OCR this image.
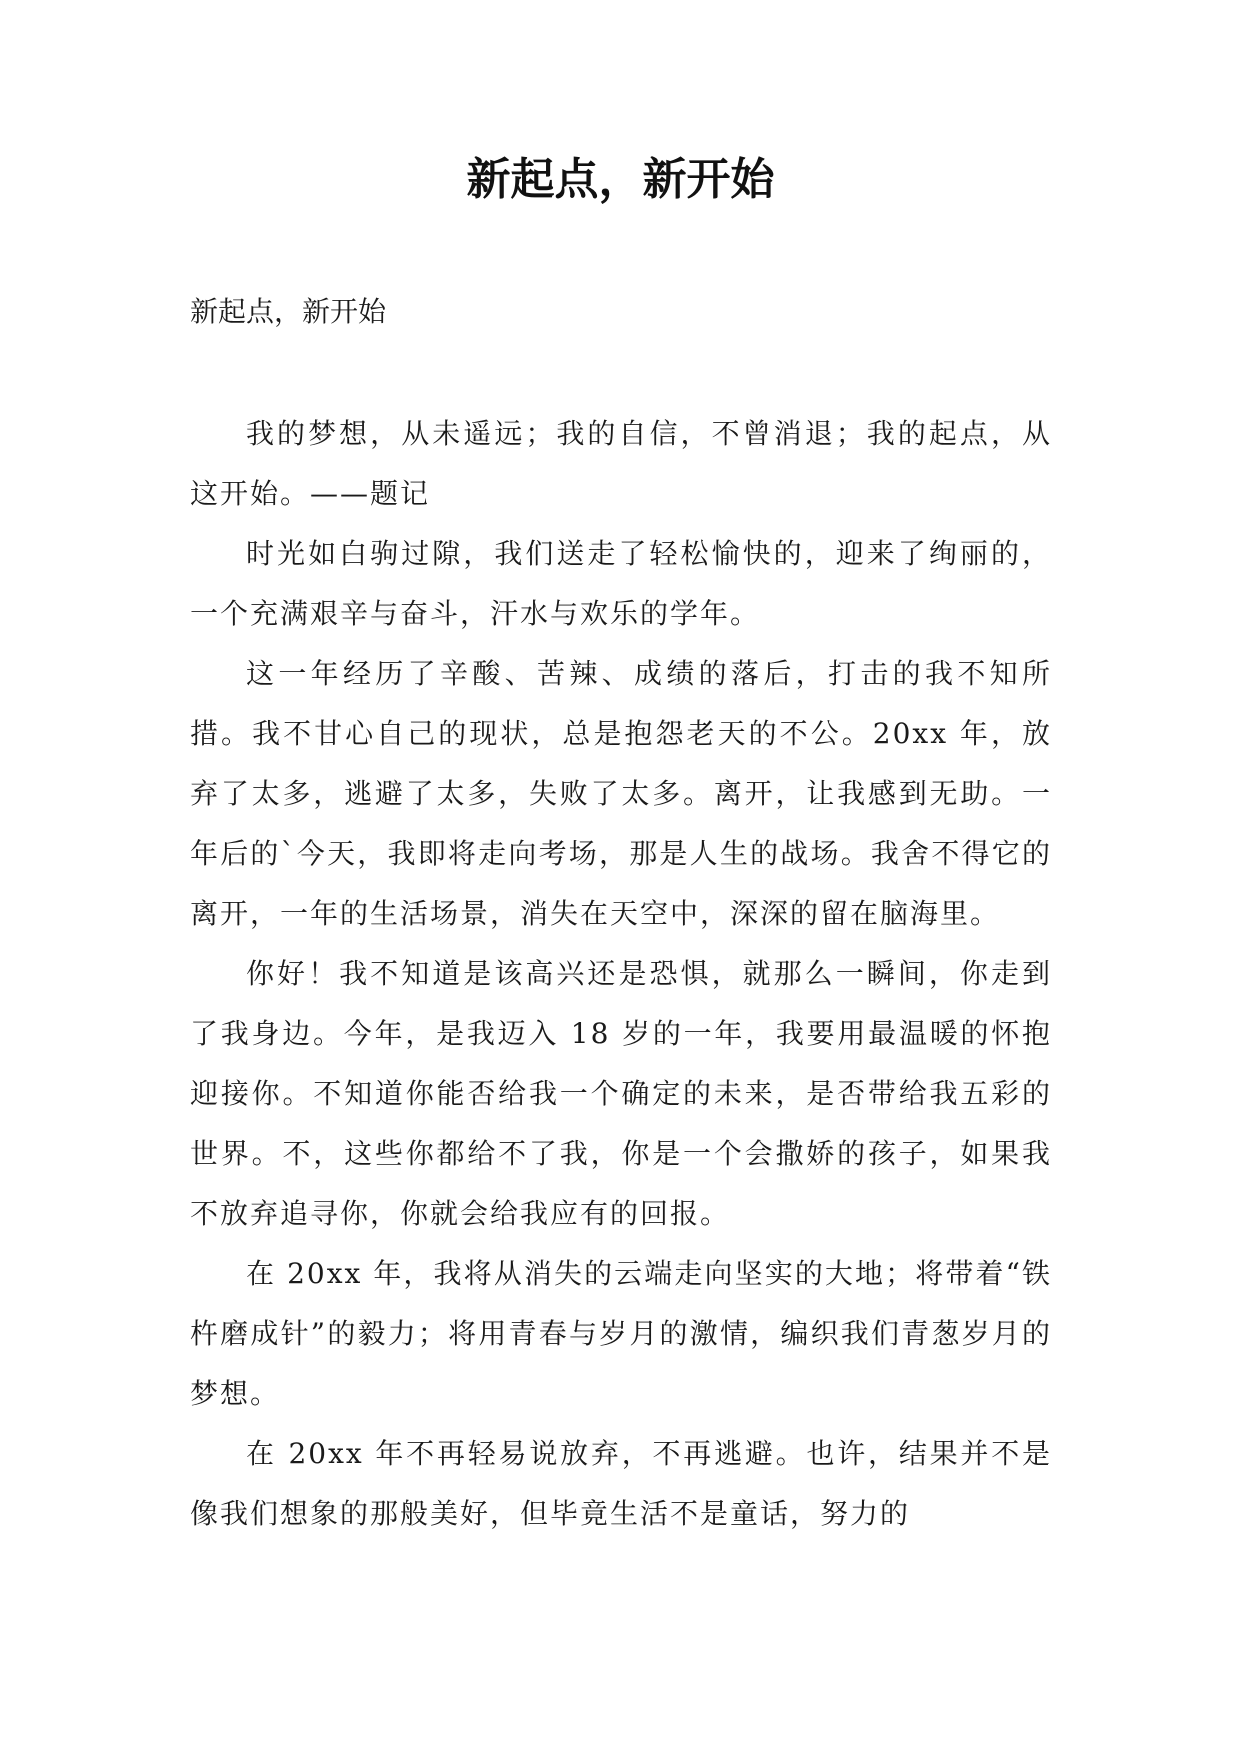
新起点，新开始

新起点，新开始

我的梦想，从未遥远；我的自信，不曾消退；我的起点，从这开始。——题记

时光如白驹过隙，我们送走了轻松愉快的，迎来了绚丽的，一个充满艰辛与奋斗，汗水与欢乐的学年。

这一年经历了辛酸、苦辣、成绩的落后，打击的我不知所措。我不甘心自己的现状，总是抱怨老天的不公。20xx 年，放弃了太多，逃避了太多，失败了太多。离开，让我感到无助。一年后的`今天，我即将走向考场，那是人生的战场。我舍不得它的离开，一年的生活场景，消失在天空中，深深的留在脑海里。

你好！我不知道是该高兴还是恐惧，就那么一瞬间，你走到了我身边。今年，是我迈入 18 岁的一年，我要用最温暖的怀抱迎接你。不知道你能否给我一个确定的未来，是否带给我五彩的世界。不，这些你都给不了我，你是一个会撒娇的孩子，如果我不放弃追寻你，你就会给我应有的回报。

在 20xx 年，我将从消失的云端走向坚实的大地；将带着“铁杵磨成针”的毅力；将用青春与岁月的激情，编织我们青葱岁月的梦想。

在 20xx 年不再轻易说放弃，不再逃避。也许，结果并不是像我们想象的那般美好，但毕竟生活不是童话，努力的
